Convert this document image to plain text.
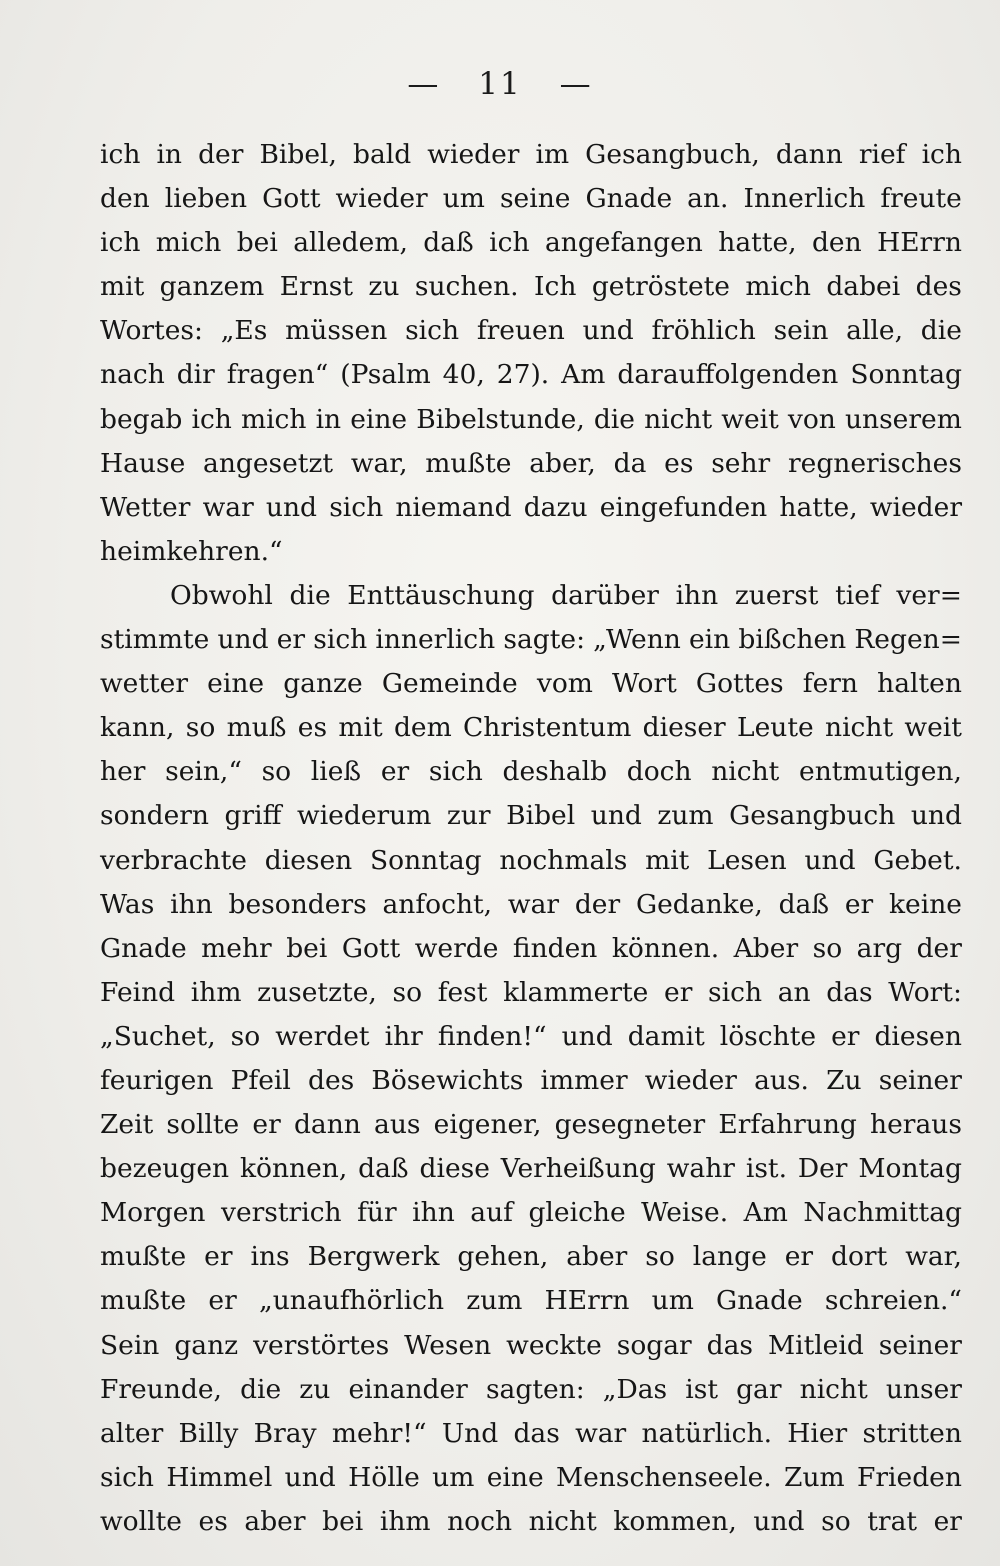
— 11 —
ich in der Bibel, bald wieder im Gesangbuch, dann rief ich
den lieben Gott wieder um seine Gnade an. Innerlich freute
ich mich bei alledem, daß ich angefangen hatte, den HErrn
mit ganzem Ernst zu suchen. Ich getröstete mich dabei des
Wortes: „Es müssen sich freuen und fröhlich sein alle, die
nach dir fragen“ (Psalm 40, 27). Am darauffolgenden Sonntag
begab ich mich in eine Bibelstunde, die nicht weit von unserem
Hause angesetzt war, mußte aber, da es sehr regnerisches
Wetter war und sich niemand dazu eingefunden hatte, wieder
heimkehren.“
Obwohl die Enttäuschung darüber ihn zuerst tief ver=
stimmte und er sich innerlich sagte: „Wenn ein bißchen Regen=
wetter eine ganze Gemeinde vom Wort Gottes fern halten
kann, so muß es mit dem Christentum dieser Leute nicht weit
her sein,“ so ließ er sich deshalb doch nicht entmutigen,
sondern griff wiederum zur Bibel und zum Gesangbuch und
verbrachte diesen Sonntag nochmals mit Lesen und Gebet.
Was ihn besonders anfocht, war der Gedanke, daß er keine
Gnade mehr bei Gott werde finden können. Aber so arg der
Feind ihm zusetzte, so fest klammerte er sich an das Wort:
„Suchet, so werdet ihr finden!“ und damit löschte er diesen
feurigen Pfeil des Bösewichts immer wieder aus. Zu seiner
Zeit sollte er dann aus eigener, gesegneter Erfahrung heraus
bezeugen können, daß diese Verheißung wahr ist. Der Montag
Morgen verstrich für ihn auf gleiche Weise. Am Nachmittag
mußte er ins Bergwerk gehen, aber so lange er dort war,
mußte er „unaufhörlich zum HErrn um Gnade schreien.“
Sein ganz verstörtes Wesen weckte sogar das Mitleid seiner
Freunde, die zu einander sagten: „Das ist gar nicht unser
alter Billy Bray mehr!“ Und das war natürlich. Hier stritten
sich Himmel und Hölle um eine Menschenseele. Zum Frieden
wollte es aber bei ihm noch nicht kommen, und so trat er
